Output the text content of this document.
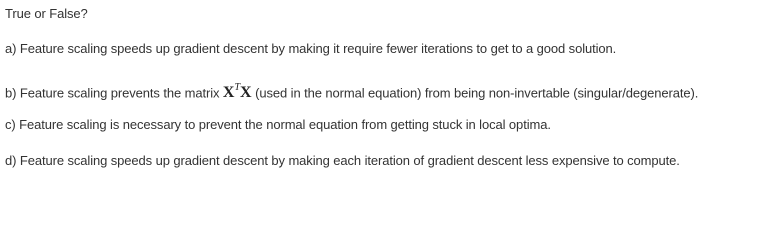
True or False?
a) Feature scaling speeds up gradient descent by making it require fewer iterations to get to a good solution.
b) Feature scaling prevents the matrix $X^TX$ (used in the normal equation) from being non-invertable (singular/degenerate).
c) Feature scaling is necessary to prevent the normal equation from getting stuck in local optima.
d) Feature scaling speeds up gradient descent by making each iteration of gradient descent less expensive to compute.
